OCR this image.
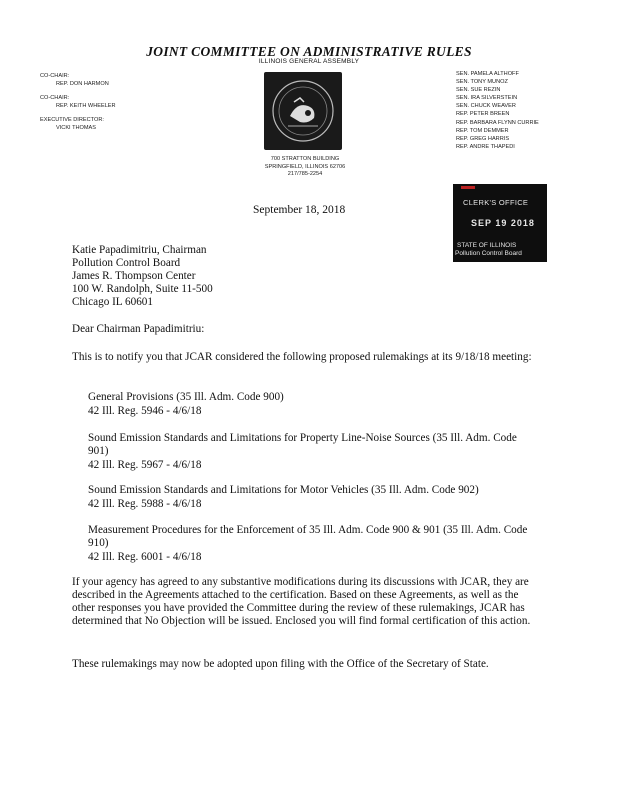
JOINT COMMITTEE ON ADMINISTRATIVE RULES
ILLINOIS GENERAL ASSEMBLY
CO-CHAIR:
REP. DON HARMON
CO-CHAIR:
REP. KEITH WHEELER
EXECUTIVE DIRECTOR:
VICKI THOMAS
SEN. PAMELA ALTHOFF
SEN. TONY MUNOZ
SEN. SUE REZIN
SEN. IRA SILVERSTEIN
SEN. CHUCK WEAVER
REP. PETER BREEN
REP. BARBARA FLYNN CURRIE
REP. TOM DEMMER
REP. GREG HARRIS
REP. ANDRE THAPEDI
700 STRATTON BUILDING
SPRINGFIELD, ILLINOIS 62706
217/785-2254
CLERK'S OFFICE
SEP 19 2018
STATE OF ILLINOIS
Pollution Control Board
September 18, 2018
Katie Papadimitriu, Chairman
Pollution Control Board
James R. Thompson Center
100 W. Randolph, Suite 11-500
Chicago IL 60601
Dear Chairman Papadimitriu:
This is to notify you that JCAR considered the following proposed rulemakings at its 9/18/18 meeting:
General Provisions (35 Ill. Adm. Code 900)
42 Ill. Reg. 5946 - 4/6/18
Sound Emission Standards and Limitations for Property Line-Noise Sources (35 Ill. Adm. Code 901)
42 Ill. Reg. 5967 - 4/6/18
Sound Emission Standards and Limitations for Motor Vehicles (35 Ill. Adm. Code 902)
42 Ill. Reg. 5988 - 4/6/18
Measurement Procedures for the Enforcement of 35 Ill. Adm. Code 900 & 901 (35 Ill. Adm. Code 910)
42 Ill. Reg. 6001 - 4/6/18
If your agency has agreed to any substantive modifications during its discussions with JCAR, they are described in the Agreements attached to the certification. Based on these Agreements, as well as the other responses you have provided the Committee during the review of these rulemakings, JCAR has determined that No Objection will be issued. Enclosed you will find formal certification of this action.
These rulemakings may now be adopted upon filing with the Office of the Secretary of State.
